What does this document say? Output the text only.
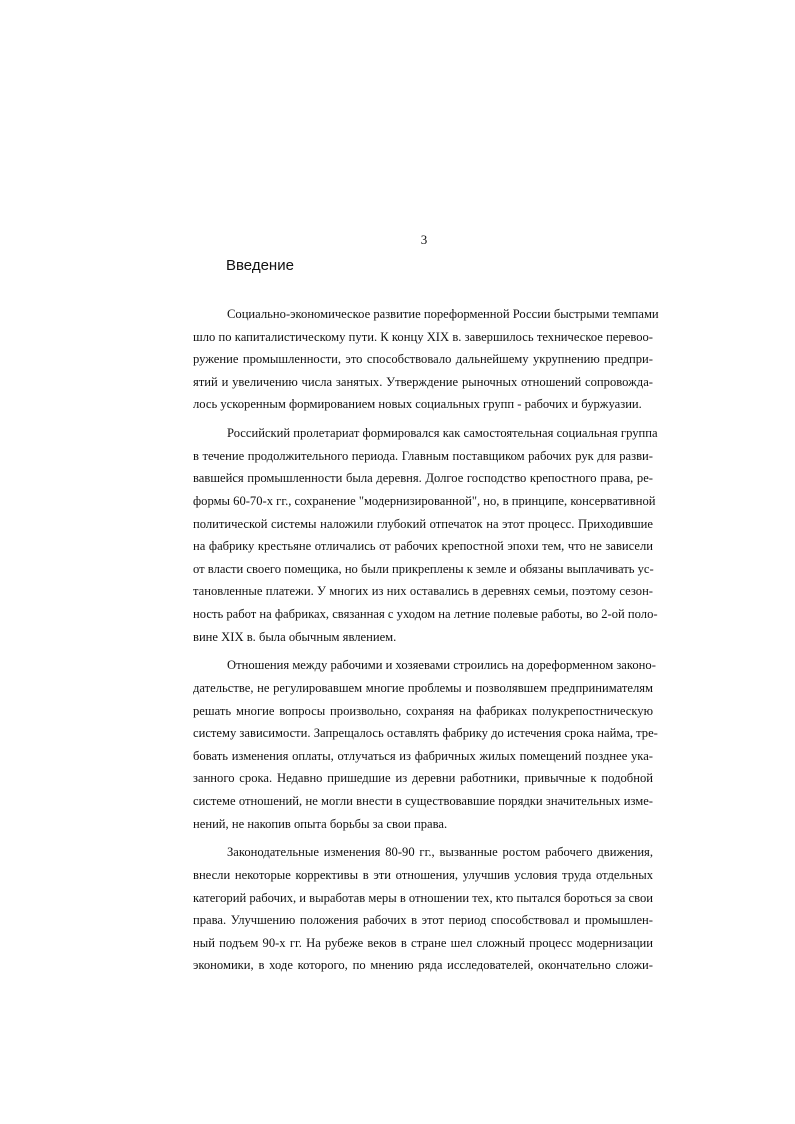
3
Введение
Социально-экономическое развитие пореформенной России быстрыми темпами
шло по капиталистическому пути. К концу XIX в. завершилось техническое перевоо-
ружение промышленности, это способствовало дальнейшему укрупнению предпри-
ятий и увеличению числа занятых. Утверждение рыночных отношений сопровожда-
лось ускоренным формированием новых социальных групп - рабочих и буржуазии.
Российский пролетариат формировался как самостоятельная социальная группа
в течение продолжительного периода. Главным поставщиком рабочих рук для разви-
вавшейся промышленности была деревня. Долгое господство крепостного права, ре-
формы 60-70-х гг., сохранение "модернизированной", но, в принципе, консервативной
политической системы наложили глубокий отпечаток на этот процесс. Приходившие
на фабрику крестьяне отличались от рабочих крепостной эпохи тем, что не зависели
от власти своего помещика, но были прикреплены к земле и обязаны выплачивать ус-
тановленные платежи. У многих из них оставались в деревнях семьи, поэтому сезон-
ность работ на фабриках, связанная с уходом на летние полевые работы, во 2-ой поло-
вине XIX в. была обычным явлением.
Отношения между рабочими и хозяевами строились на дореформенном законо-
дательстве, не регулировавшем многие проблемы и позволявшем предпринимателям
решать многие вопросы произвольно, сохраняя на фабриках полукрепостническую
систему зависимости. Запрещалось оставлять фабрику до истечения срока найма, тре-
бовать изменения оплаты, отлучаться из фабричных жилых помещений позднее ука-
занного срока. Недавно пришедшие из деревни работники, привычные к подобной
системе отношений, не могли внести в существовавшие порядки значительных изме-
нений, не накопив опыта борьбы за свои права.
Законодательные изменения 80-90 гг., вызванные ростом рабочего движения,
внесли некоторые коррективы в эти отношения, улучшив условия труда отдельных
категорий рабочих, и выработав меры в отношении тех, кто пытался бороться за свои
права. Улучшению положения рабочих в этот период способствовал и промышлен-
ный подъем 90-х гг. На рубеже веков в стране шел сложный процесс модернизации
экономики, в ходе которого, по мнению ряда исследователей, окончательно сложи-
